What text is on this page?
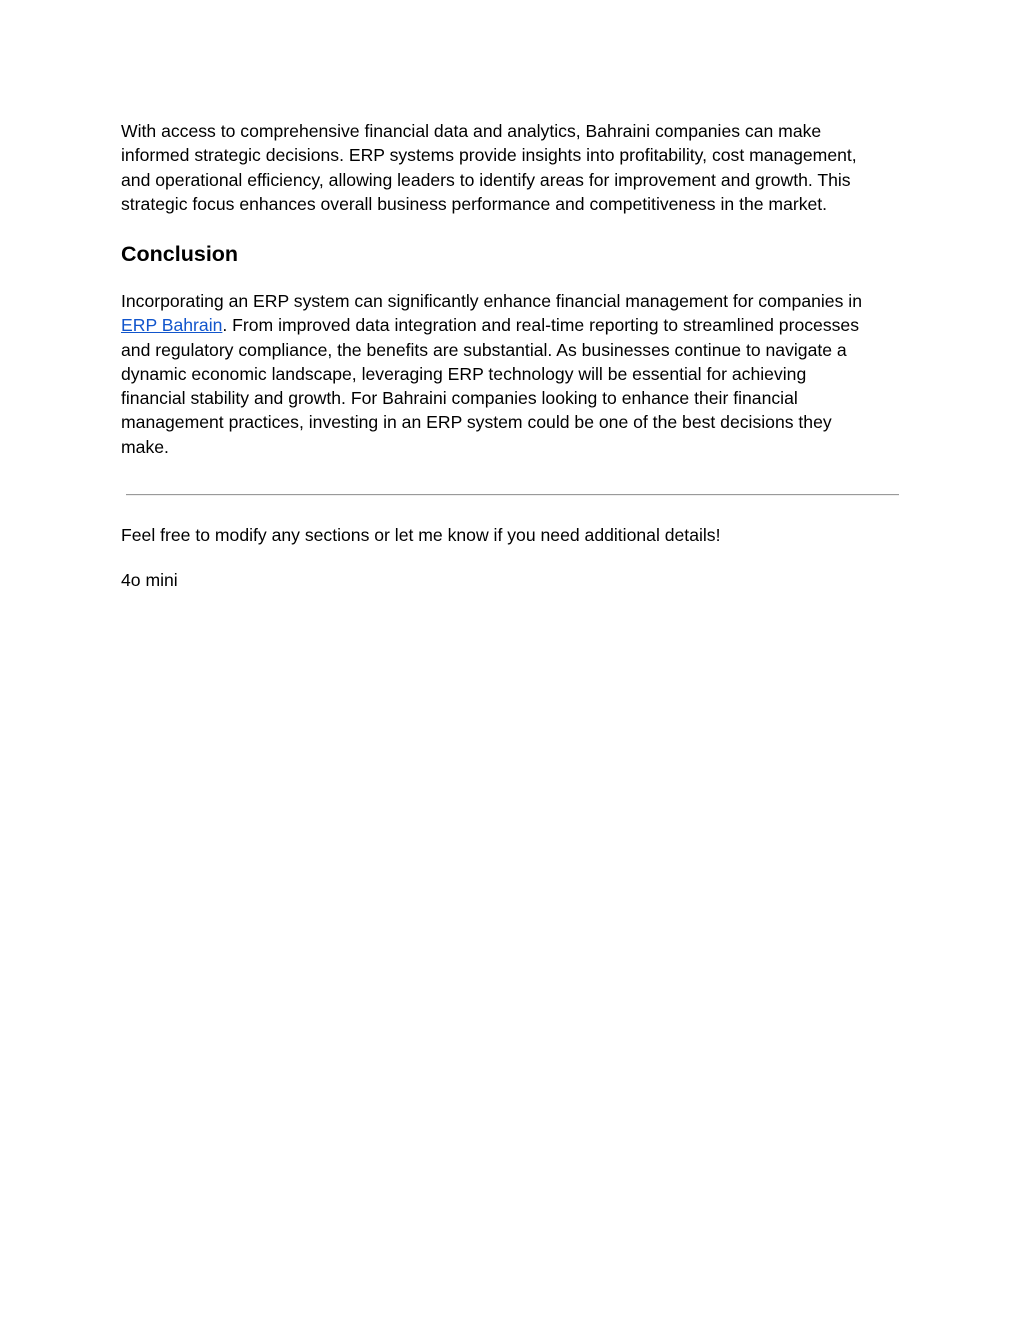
With access to comprehensive financial data and analytics, Bahraini companies can make
informed strategic decisions. ERP systems provide insights into profitability, cost management,
and operational efficiency, allowing leaders to identify areas for improvement and growth. This
strategic focus enhances overall business performance and competitiveness in the market.

Conclusion

Incorporating an ERP system can significantly enhance financial management for companies in
ERP Bahrain. From improved data integration and real-time reporting to streamlined processes
and regulatory compliance, the benefits are substantial. As businesses continue to navigate a
dynamic economic landscape, leveraging ERP technology will be essential for achieving
financial stability and growth. For Bahraini companies looking to enhance their financial
management practices, investing in an ERP system could be one of the best decisions they
make.

Feel free to modify any sections or let me know if you need additional details!

4o mini
